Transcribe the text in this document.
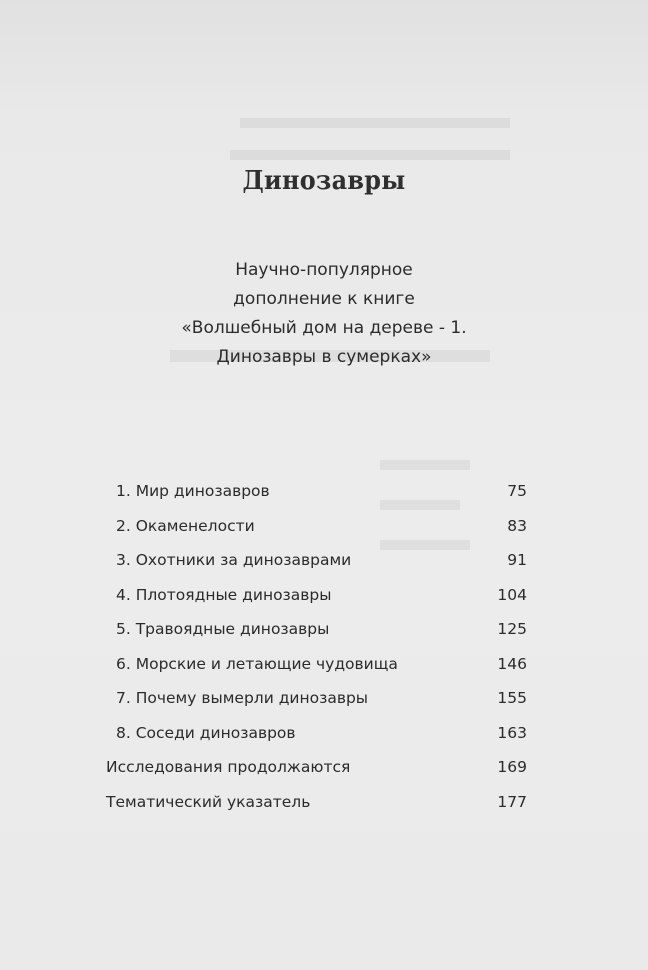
Динозавры
Научно-популярное
дополнение к книге
«Волшебный дом на дереве - 1.
Динозавры в сумерках»
1. Мир динозавров	75
2. Окаменелости	83
3. Охотники за динозаврами	91
4. Плотоядные динозавры	104
5. Травоядные динозавры	125
6. Морские и летающие чудовища	146
7. Почему вымерли динозавры	155
8. Соседи динозавров	163
Исследования продолжаются	169
Тематический указатель	177
